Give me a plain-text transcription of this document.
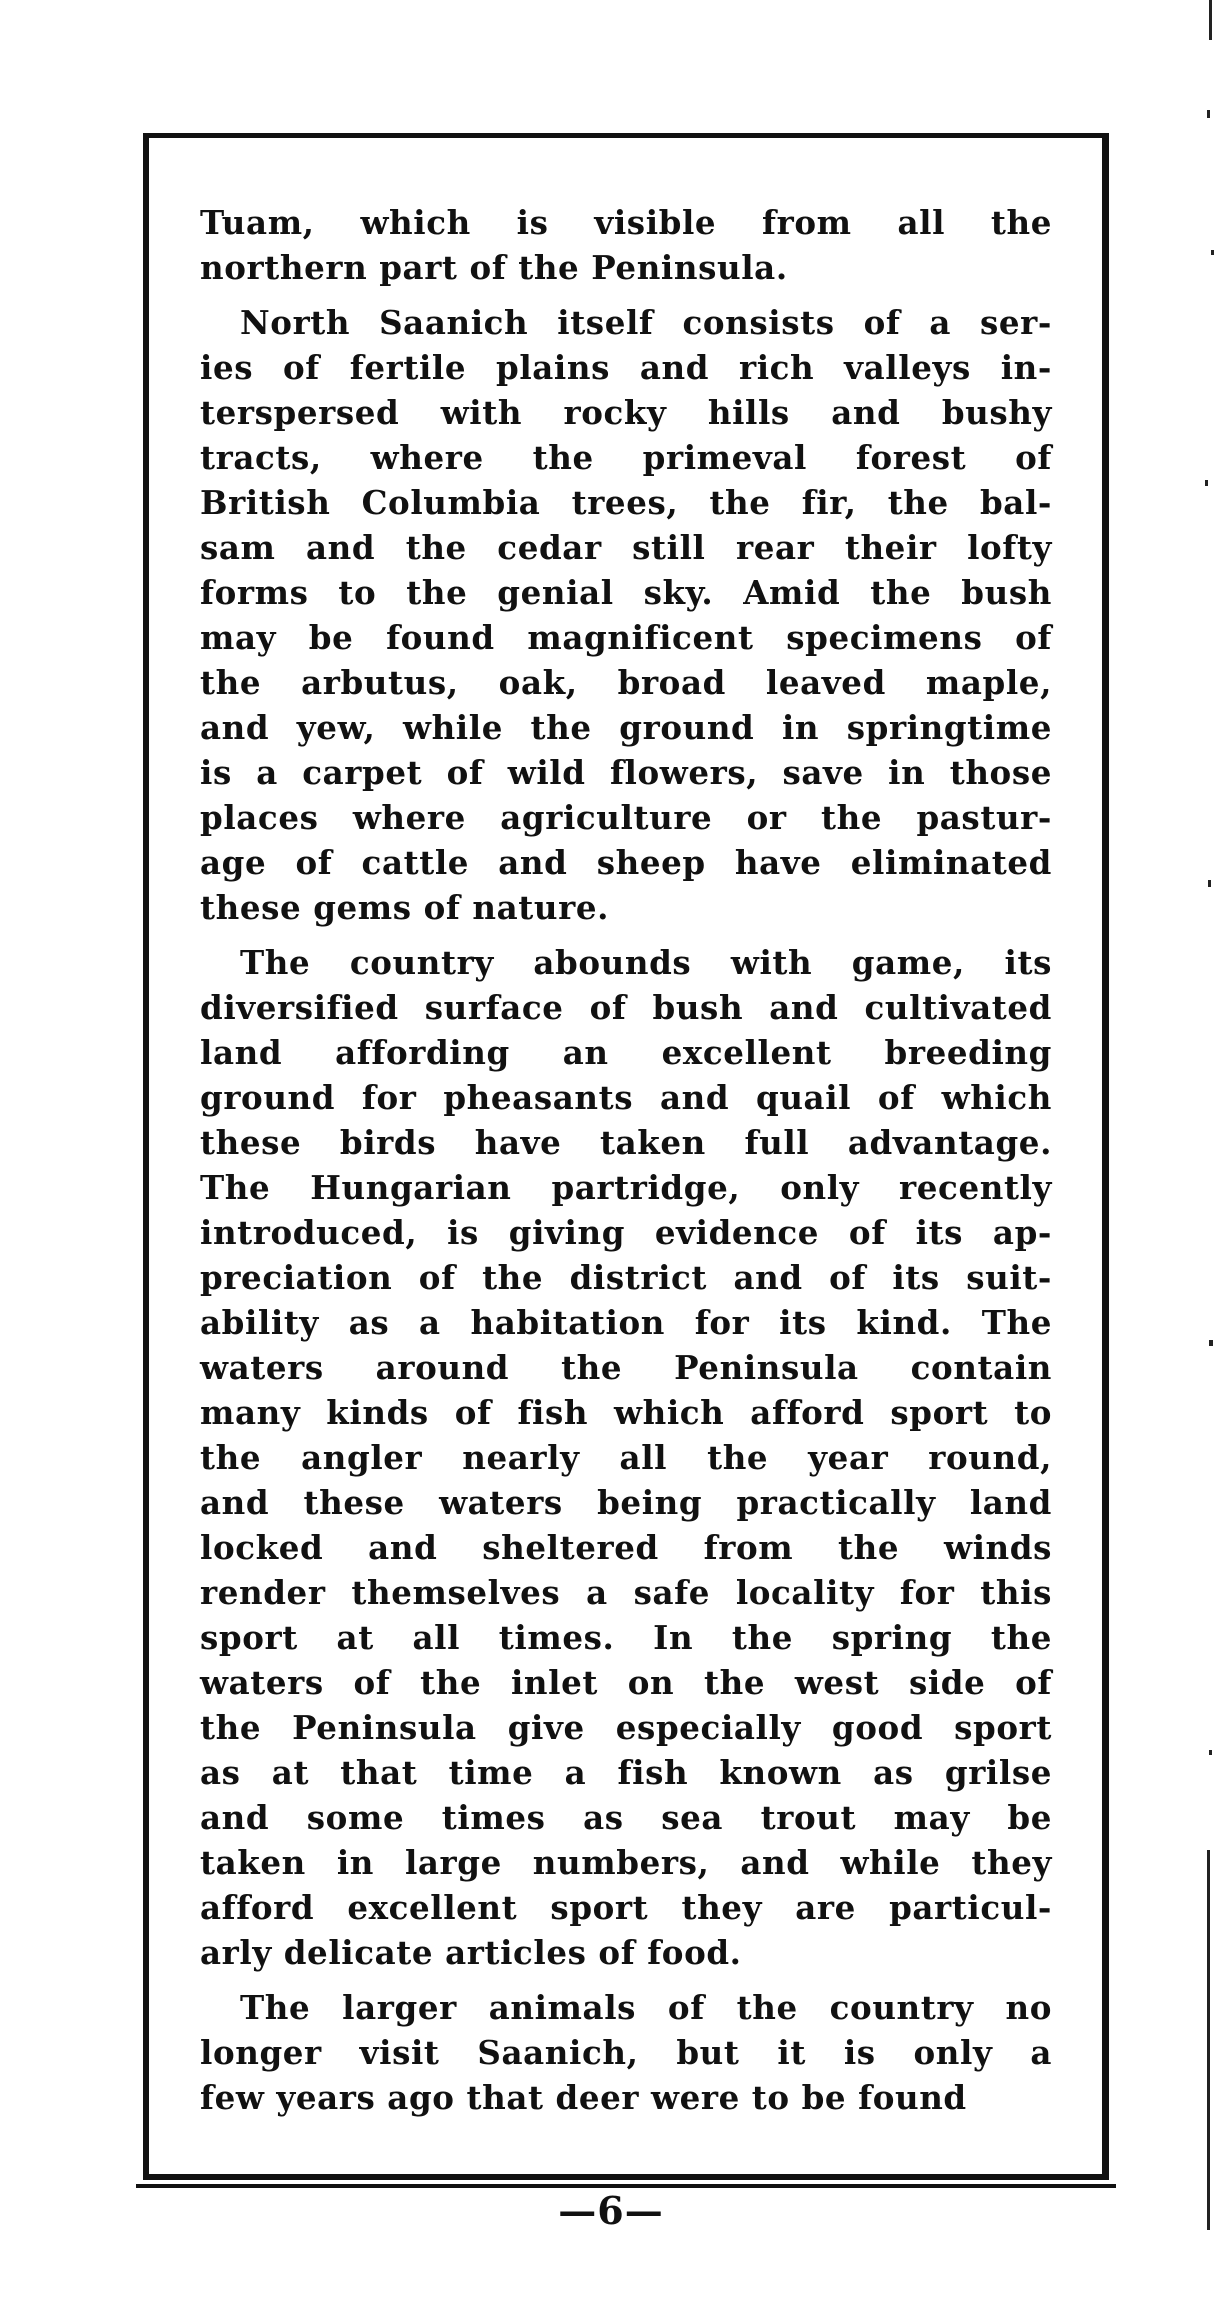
Tuam, which is visible from all the
northern part of the Peninsula.
North Saanich itself consists of a ser-
ies of fertile plains and rich valleys in-
terspersed with rocky hills and bushy
tracts, where the primeval forest of
British Columbia trees, the fir, the bal-
sam and the cedar still rear their lofty
forms to the genial sky. Amid the bush
may be found magnificent specimens of
the arbutus, oak, broad leaved maple,
and yew, while the ground in springtime
is a carpet of wild flowers, save in those
places where agriculture or the pastur-
age of cattle and sheep have eliminated
these gems of nature.
The country abounds with game, its
diversified surface of bush and cultivated
land affording an excellent breeding
ground for pheasants and quail of which
these birds have taken full advantage.
The Hungarian partridge, only recently
introduced, is giving evidence of its ap-
preciation of the district and of its suit-
ability as a habitation for its kind. The
waters around the Peninsula contain
many kinds of fish which afford sport to
the angler nearly all the year round,
and these waters being practically land
locked and sheltered from the winds
render themselves a safe locality for this
sport at all times. In the spring the
waters of the inlet on the west side of
the Peninsula give especially good sport
as at that time a fish known as grilse
and some times as sea trout may be
taken in large numbers, and while they
afford excellent sport they are particul-
arly delicate articles of food.
The larger animals of the country no
longer visit Saanich, but it is only a
few years ago that deer were to be found
—6—
